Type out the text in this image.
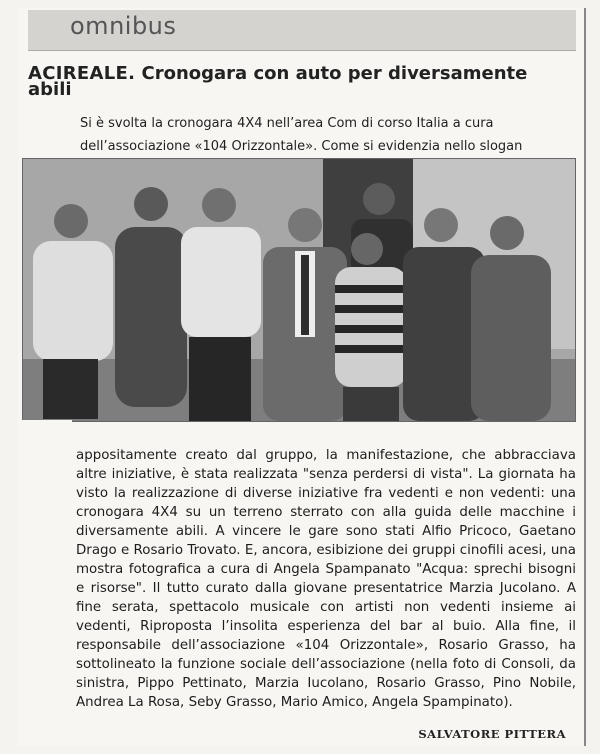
omnibus
ACIREALE. Cronogara con auto per diversamente abili
Si è svolta la cronogara 4X4 nell’area Com di corso Italia a cura dell’associazione «104 Orizzontale». Come si evidenzia nello slogan
appositamente creato dal gruppo, la manifestazione, che abbracciava altre iniziative, è stata realizzata "senza perdersi di vista". La giornata ha visto la realizzazione di diverse iniziative fra vedenti e non vedenti: una cronogara 4X4 su un terreno sterrato con alla guida delle macchine i diversamente abili. A vincere le gare sono stati Alfio Pricoco, Gaetano Drago e Rosario Trovato. E, ancora, esibizione dei gruppi cinofili acesi, una mostra fotografica a cura di Angela Spampanato "Acqua: sprechi bisogni e risorse". Il tutto curato dalla giovane presentatrice Marzia Jucolano. A fine serata, spettacolo musicale con artisti non vedenti insieme ai vedenti, Riproposta l’insolita esperienza del bar al buio. Alla fine, il responsabile dell’associazione «104 Orizzontale», Rosario Grasso, ha sottolineato la funzione sociale dell’associazione (nella foto di Consoli, da sinistra, Pippo Pettinato, Marzia Iucolano, Rosario Grasso, Pino Nobile, Andrea La Rosa, Seby Grasso, Mario Amico, Angela Spampinato).
SALVATORE PITTERA
